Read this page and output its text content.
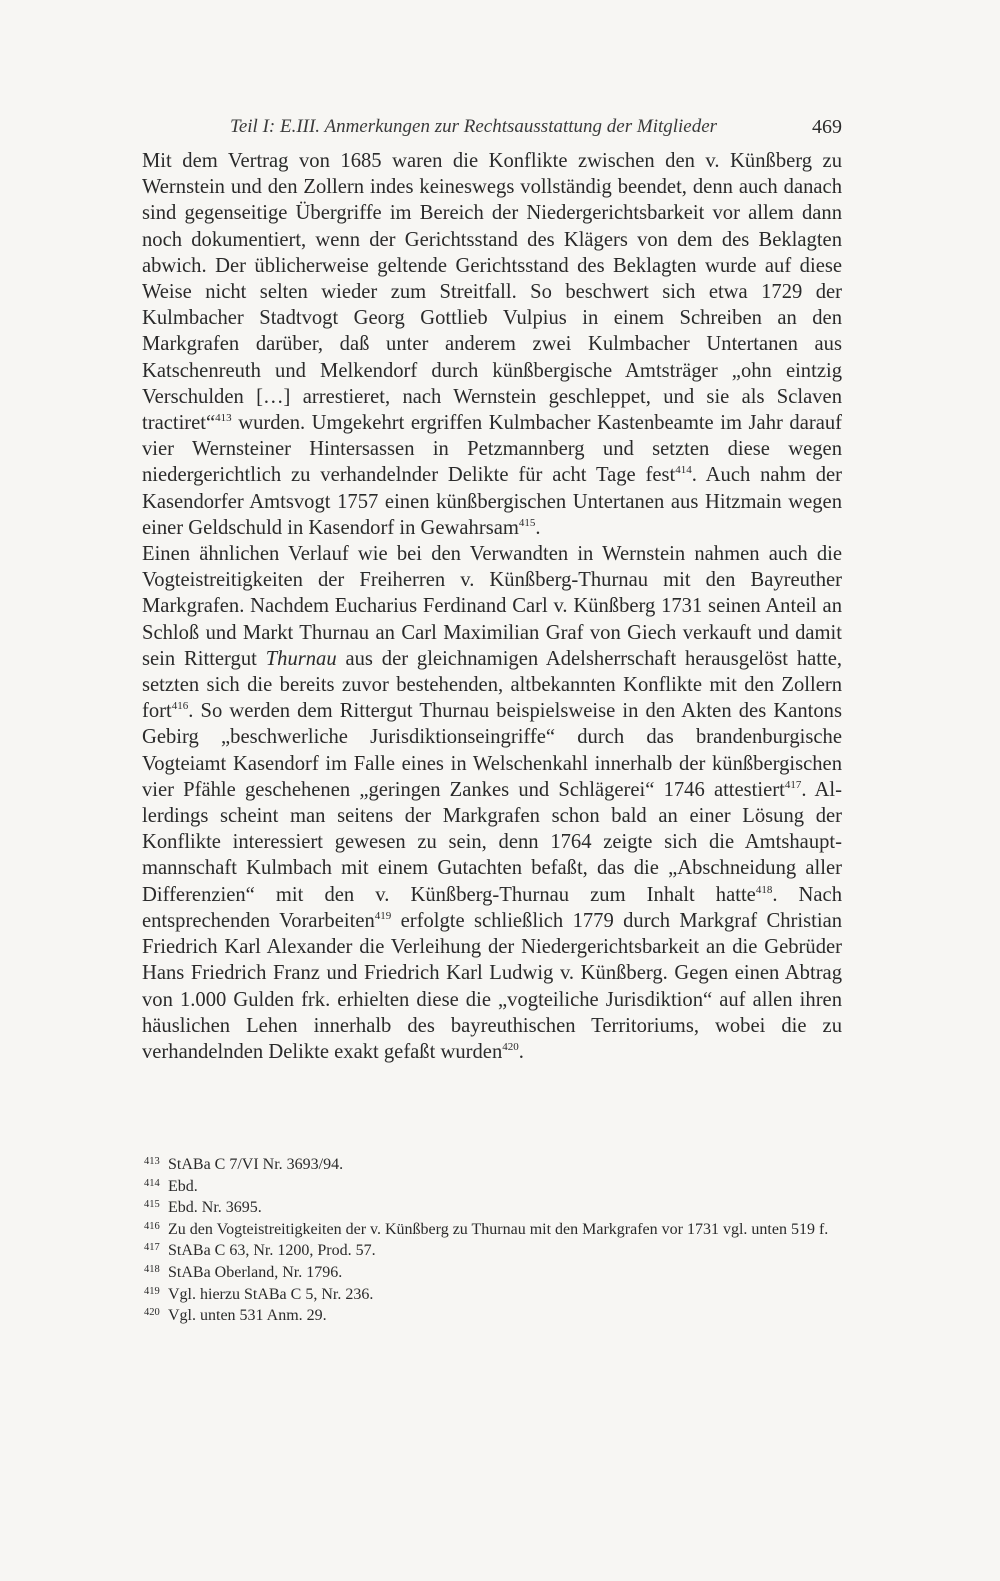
Teil I: E.III. Anmerkungen zur Rechtsausstattung der Mitglieder	469

Mit dem Vertrag von 1685 waren die Konflikte zwischen den v. Künßberg zu Wernstein und den Zollern indes keineswegs vollständig beendet, denn auch danach sind gegenseitige Übergriffe im Bereich der Niedergerichtsbarkeit vor allem dann noch dokumentiert, wenn der Gerichtsstand des Klägers von dem des Beklagten abwich. Der üblicherweise geltende Gerichtsstand des Beklagten wurde auf diese Weise nicht selten wieder zum Streitfall. So beschwert sich etwa 1729 der Kulmbacher Stadtvogt Georg Gottlieb Vulpius in einem Schreiben an den Markgrafen darüber, daß unter anderem zwei Kulmbacher Untertanen aus Katschenreuth und Melkendorf durch künßbergische Amtsträger „ohn eintzig Verschulden […] arrestieret, nach Wernstein geschleppet, und sie als Sclaven tractiret“$^{413}$ wurden. Umgekehrt ergriffen Kulmbacher Kastenbeamte im Jahr darauf vier Wernsteiner Hintersassen in Petzmannberg und setzten diese wegen niedergerichtlich zu verhandelnder Delikte für acht Tage fest$^{414}$. Auch nahm der Kasendorfer Amtsvogt 1757 einen künßbergischen Untertanen aus Hitzmain wegen einer Geldschuld in Kasendorf in Gewahrsam$^{415}$.

Einen ähnlichen Verlauf wie bei den Verwandten in Wernstein nahmen auch die Vogteistreitigkeiten der Freiherren v. Künßberg-Thurnau mit den Bayreuther Markgrafen. Nachdem Eucharius Ferdinand Carl v. Künßberg 1731 seinen Anteil an Schloß und Markt Thurnau an Carl Maximilian Graf von Giech verkauft und damit sein Rittergut Thurnau aus der gleichnamigen Adelsherrschaft herausgelöst hatte, setzten sich die bereits zuvor bestehenden, altbekannten Konflikte mit den Zollern fort$^{416}$. So werden dem Rittergut Thurnau beispielsweise in den Akten des Kantons Gebirg „beschwerliche Jurisdiktionseingriffe“ durch das brandenburgische Vogteiamt Kasendorf im Falle eines in Welschenkahl innerhalb der künßbergischen vier Pfähle geschehenen „geringen Zankes und Schlägerei“ 1746 attestiert$^{417}$. Allerdings scheint man seitens der Markgrafen schon bald an einer Lösung der Konflikte interessiert gewesen zu sein, denn 1764 zeigte sich die Amtshauptmannschaft Kulmbach mit einem Gutachten befaßt, das die „Abschneidung aller Differenzien“ mit den v. Künßberg-Thurnau zum Inhalt hatte$^{418}$. Nach entsprechenden Vorarbeiten$^{419}$ erfolgte schließlich 1779 durch Markgraf Christian Friedrich Karl Alexander die Verleihung der Niedergerichtsbarkeit an die Gebrüder Hans Friedrich Franz und Friedrich Karl Ludwig v. Künßberg. Gegen einen Abtrag von 1.000 Gulden frk. erhielten diese die „vogteiliche Jurisdiktion“ auf allen ihren häuslichen Lehen innerhalb des bayreuthischen Territoriums, wobei die zu verhandelnden Delikte exakt gefaßt wurden$^{420}$.

413 StABa C 7/VI Nr. 3693/94.
414 Ebd.
415 Ebd. Nr. 3695.
416 Zu den Vogteistreitigkeiten der v. Künßberg zu Thurnau mit den Markgrafen vor 1731 vgl. unten 519 f.
417 StABa C 63, Nr. 1200, Prod. 57.
418 StABa Oberland, Nr. 1796.
419 Vgl. hierzu StABa C 5, Nr. 236.
420 Vgl. unten 531 Anm. 29.
